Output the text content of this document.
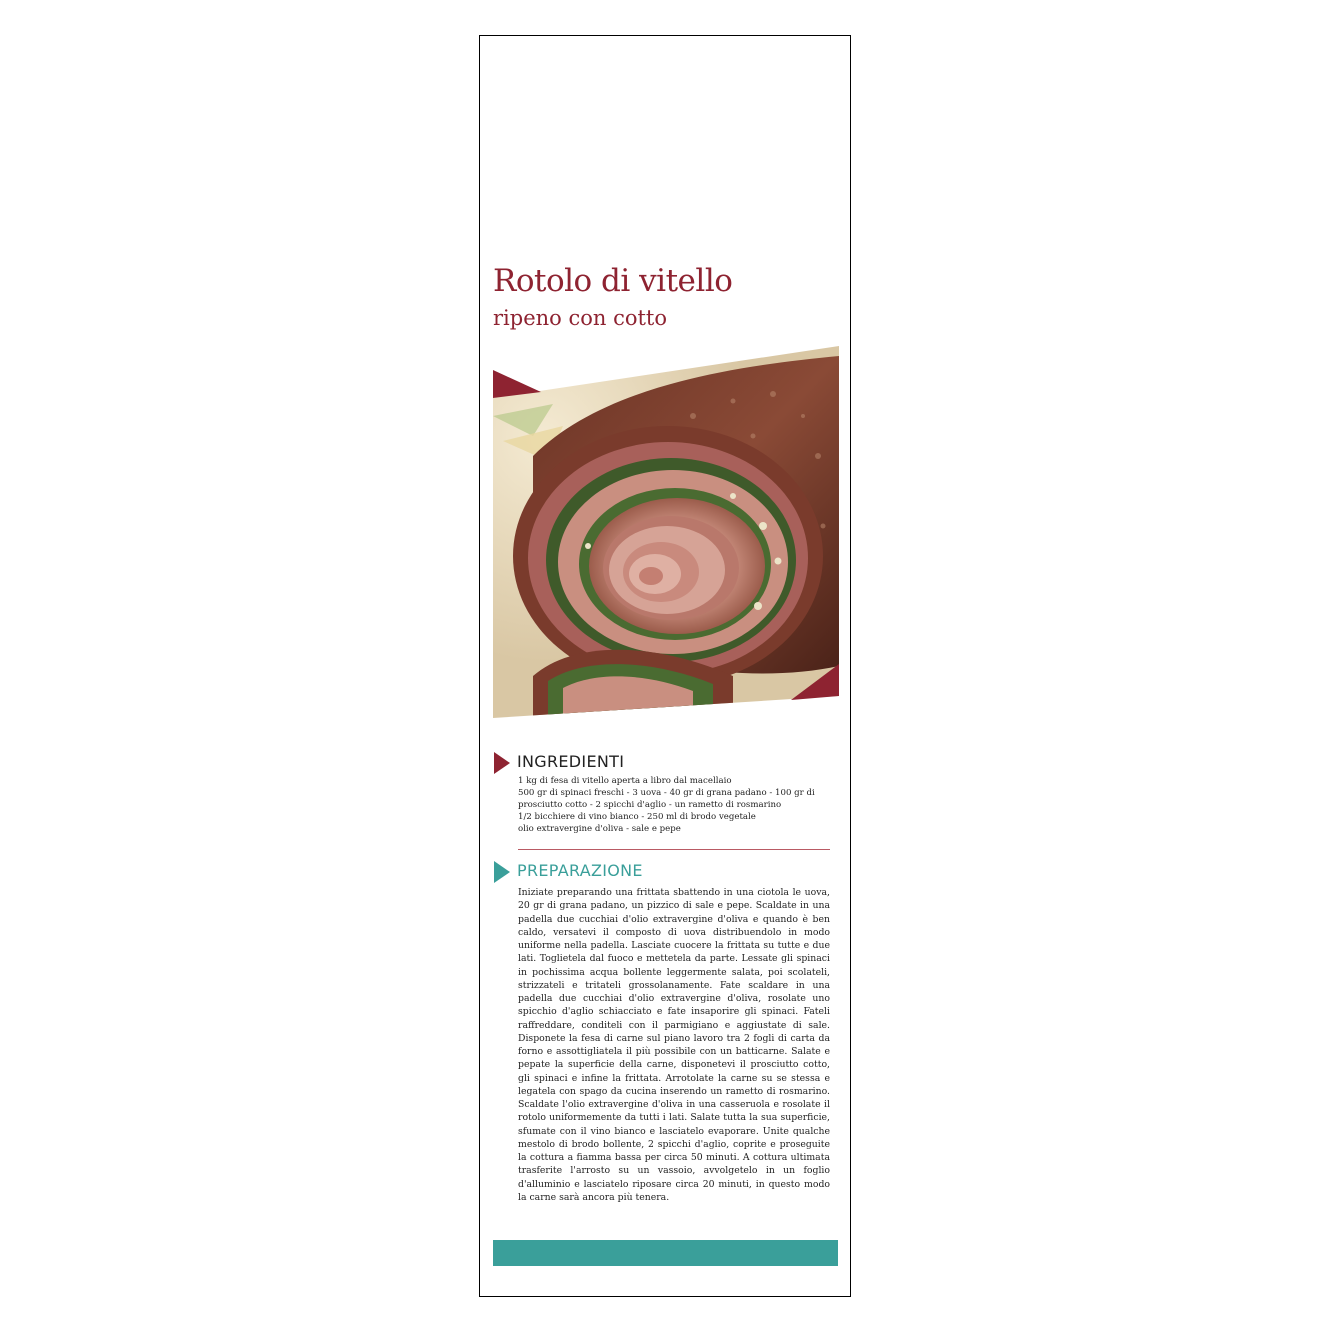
Rotolo di vitello
ripeno con cotto
INGREDIENTI
1 kg di fesa di vitello aperta a libro dal macellaio
500 gr di spinaci freschi - 3 uova - 40 gr di grana padano - 100 gr di
prosciutto cotto - 2 spicchi d'aglio - un rametto di rosmarino
1/2 bicchiere di vino bianco - 250 ml di brodo vegetale
olio extravergine d'oliva - sale e pepe
PREPARAZIONE
Iniziate preparando una frittata sbattendo in una ciotola le uova, 20 gr di grana padano, un pizzico di sale e pepe. Scaldate in una padella due cucchiai d'olio extravergine d'oliva e quando è ben caldo, versatevi il composto di uova distribuendolo in modo uniforme nella padella. Lasciate cuocere la frittata su tutte e due lati. Toglietela dal fuoco e mettetela da parte. Lessate gli spinaci in pochissima acqua bollente leggermente salata, poi scolateli, strizzateli e tritateli grossolanamente. Fate scaldare in una padella due cucchiai d'olio extravergine d'oliva, rosolate uno spicchio d'aglio schiacciato e fate insaporire gli spinaci. Fateli raffreddare, conditeli con il parmigiano e aggiustate di sale. Disponete la fesa di carne sul piano lavoro tra 2 fogli di carta da forno e assottigliatela il più possibile con un batticarne. Salate e pepate la superficie della carne, disponetevi il prosciutto cotto, gli spinaci e infine la frittata. Arrotolate la carne su se stessa e legatela con spago da cucina inserendo un rametto di rosmarino. Scaldate l'olio extravergine d'oliva in una casseruola e rosolate il rotolo uniformemente da tutti i lati. Salate tutta la sua superficie, sfumate con il vino bianco e lasciatelo evaporare. Unite qualche mestolo di brodo bollente, 2 spicchi d'aglio, coprite e proseguite la cottura a fiamma bassa per circa 50 minuti. A cottura ultimata trasferite l'arrosto su un vassoio, avvolgetelo in un foglio d'alluminio e lasciatelo riposare circa 20 minuti, in questo modo la carne sarà ancora più tenera.
